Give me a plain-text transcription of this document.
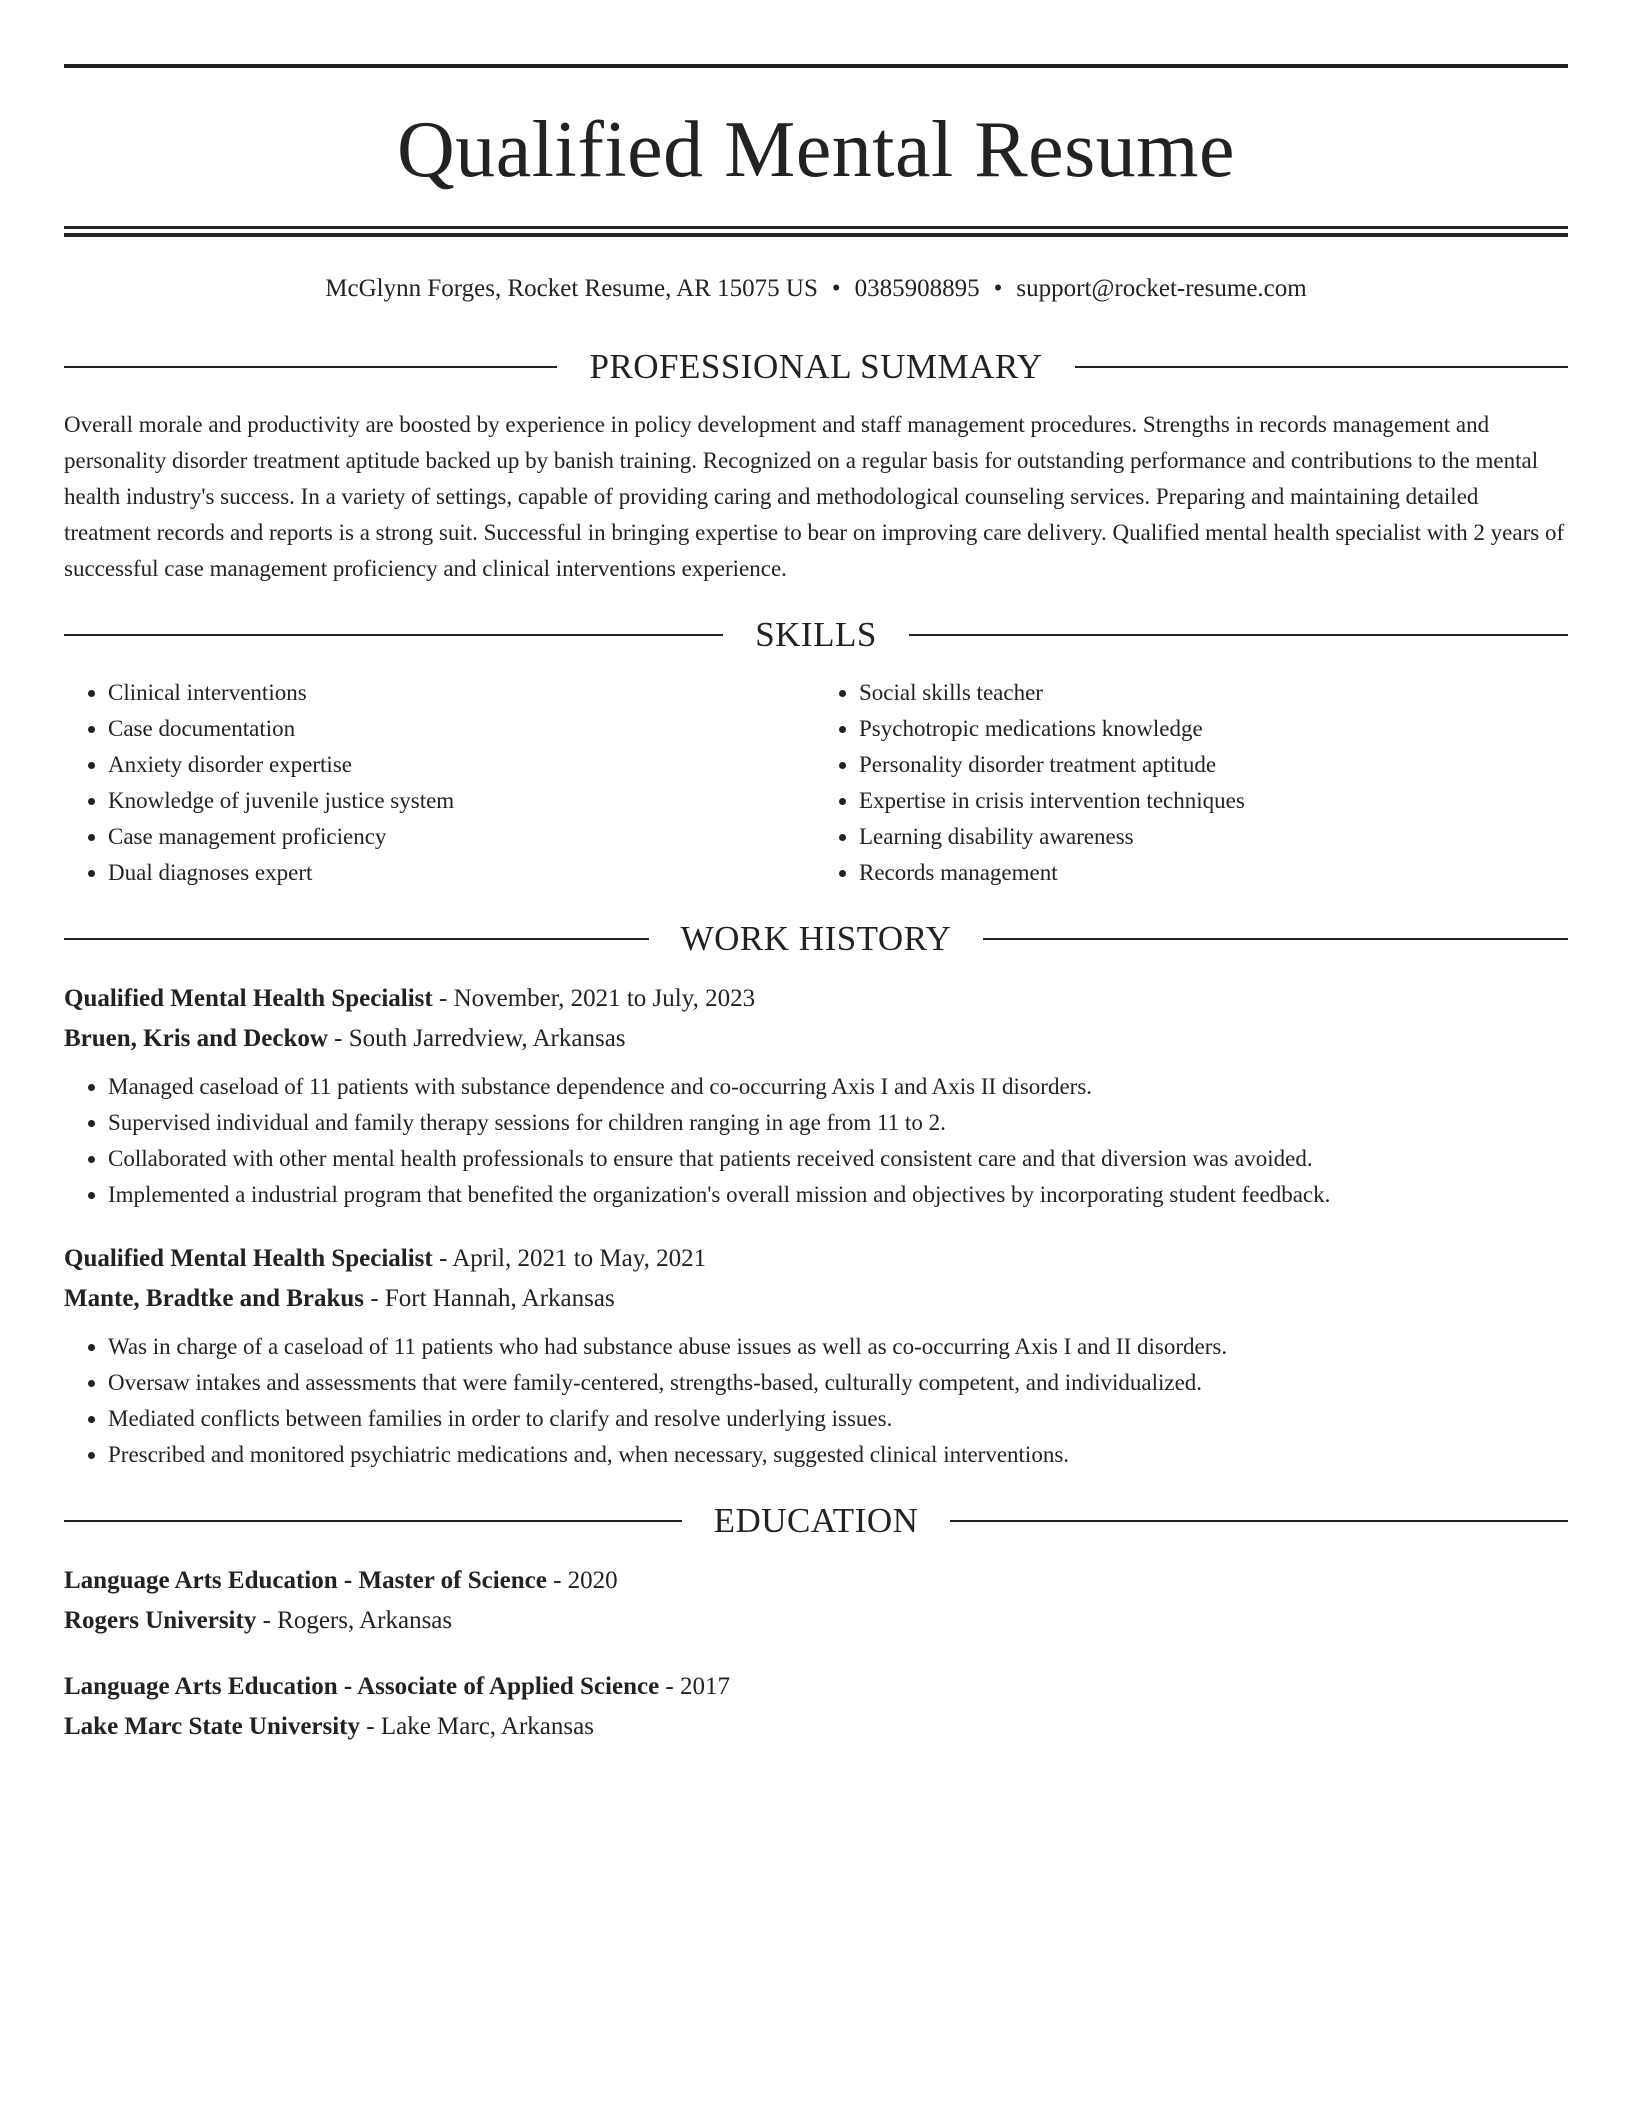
Qualified Mental Resume
McGlynn Forges, Rocket Resume, AR 15075 US • 0385908895 • support@rocket-resume.com
PROFESSIONAL SUMMARY

Overall morale and productivity are boosted by experience in policy development and staff management procedures. Strengths in records management and personality disorder treatment aptitude backed up by banish training. Recognized on a regular basis for outstanding performance and contributions to the mental health industry's success. In a variety of settings, capable of providing caring and methodological counseling services. Preparing and maintaining detailed treatment records and reports is a strong suit. Successful in bringing expertise to bear on improving care delivery. Qualified mental health specialist with 2 years of successful case management proficiency and clinical interventions experience.

SKILLS
• Clinical interventions
• Case documentation
• Anxiety disorder expertise
• Knowledge of juvenile justice system
• Case management proficiency
• Dual diagnoses expert
• Social skills teacher
• Psychotropic medications knowledge
• Personality disorder treatment aptitude
• Expertise in crisis intervention techniques
• Learning disability awareness
• Records management
WORK HISTORY
Qualified Mental Health Specialist - November, 2021 to July, 2023
Bruen, Kris and Deckow - South Jarredview, Arkansas
• Managed caseload of 11 patients with substance dependence and co-occurring Axis I and Axis II disorders.
• Supervised individual and family therapy sessions for children ranging in age from 11 to 2.
• Collaborated with other mental health professionals to ensure that patients received consistent care and that diversion was avoided.
• Implemented a industrial program that benefited the organization's overall mission and objectives by incorporating student feedback.
Qualified Mental Health Specialist - April, 2021 to May, 2021
Mante, Bradtke and Brakus - Fort Hannah, Arkansas
• Was in charge of a caseload of 11 patients who had substance abuse issues as well as co-occurring Axis I and II disorders.
• Oversaw intakes and assessments that were family-centered, strengths-based, culturally competent, and individualized.
• Mediated conflicts between families in order to clarify and resolve underlying issues.
• Prescribed and monitored psychiatric medications and, when necessary, suggested clinical interventions.
EDUCATION
Language Arts Education - Master of Science - 2020
Rogers University - Rogers, Arkansas
Language Arts Education - Associate of Applied Science - 2017
Lake Marc State University - Lake Marc, Arkansas
